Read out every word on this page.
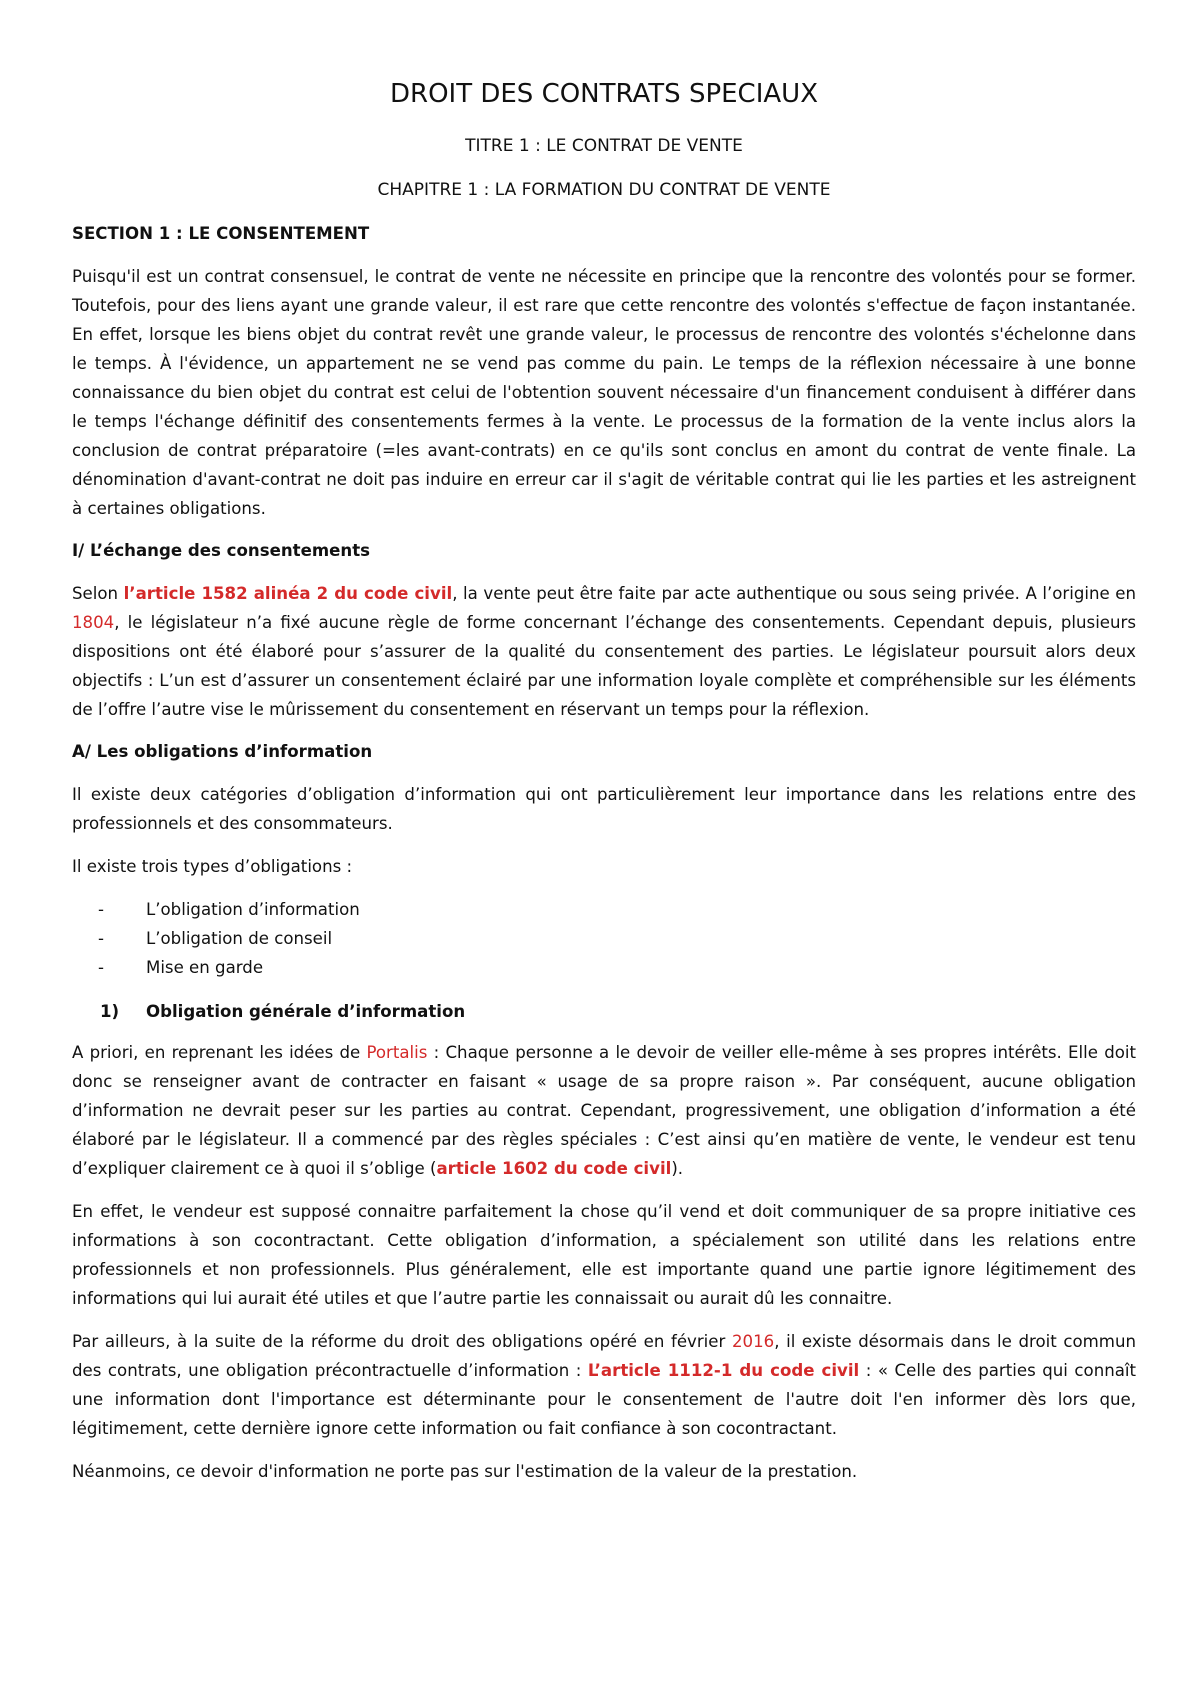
DROIT DES CONTRATS SPECIAUX
TITRE 1 : LE CONTRAT DE VENTE
CHAPITRE 1 : LA FORMATION DU CONTRAT DE VENTE
SECTION 1 : LE CONSENTEMENT

Puisqu'il est un contrat consensuel, le contrat de vente ne nécessite en principe que la rencontre des volontés pour se former. Toutefois, pour des liens ayant une grande valeur, il est rare que cette rencontre des volontés s'effectue de façon instantanée. En effet, lorsque les biens objet du contrat revêt une grande valeur, le processus de rencontre des volontés s'échelonne dans le temps. À l'évidence, un appartement ne se vend pas comme du pain. Le temps de la réflexion nécessaire à une bonne connaissance du bien objet du contrat est celui de l'obtention souvent nécessaire d'un financement conduisent à différer dans le temps l'échange définitif des consentements fermes à la vente. Le processus de la formation de la vente inclus alors la conclusion de contrat préparatoire (=les avant-contrats) en ce qu'ils sont conclus en amont du contrat de vente finale. La dénomination d'avant-contrat ne doit pas induire en erreur car il s'agit de véritable contrat qui lie les parties et les astreignent à certaines obligations.

I/ L’échange des consentements

Selon l’article 1582 alinéa 2 du code civil, la vente peut être faite par acte authentique ou sous seing privée. A l’origine en 1804, le législateur n’a fixé aucune règle de forme concernant l’échange des consentements. Cependant depuis, plusieurs dispositions ont été élaboré pour s’assurer de la qualité du consentement des parties. Le législateur poursuit alors deux objectifs : L’un est d’assurer un consentement éclairé par une information loyale complète et compréhensible sur les éléments de l’offre l’autre vise le mûrissement du consentement en réservant un temps pour la réflexion.

A/ Les obligations d’information

Il existe deux catégories d’obligation d’information qui ont particulièrement leur importance dans les relations entre des professionnels et des consommateurs.

Il existe trois types d’obligations :

-	L’obligation d’information
-	L’obligation de conseil
-	Mise en garde
1) Obligation générale d’information

A priori, en reprenant les idées de Portalis : Chaque personne a le devoir de veiller elle-même à ses propres intérêts. Elle doit donc se renseigner avant de contracter en faisant « usage de sa propre raison ». Par conséquent, aucune obligation d’information ne devrait peser sur les parties au contrat. Cependant, progressivement, une obligation d’information a été élaboré par le législateur. Il a commencé par des règles spéciales : C’est ainsi qu’en matière de vente, le vendeur est tenu d’expliquer clairement ce à quoi il s’oblige (article 1602 du code civil).

En effet, le vendeur est supposé connaitre parfaitement la chose qu’il vend et doit communiquer de sa propre initiative ces informations à son cocontractant. Cette obligation d’information, a spécialement son utilité dans les relations entre professionnels et non professionnels. Plus généralement, elle est importante quand une partie ignore légitimement des informations qui lui aurait été utiles et que l’autre partie les connaissait ou aurait dû les connaitre.

Par ailleurs, à la suite de la réforme du droit des obligations opéré en février 2016, il existe désormais dans le droit commun des contrats, une obligation précontractuelle d’information : L’article 1112-1 du code civil : « Celle des parties qui connaît une information dont l'importance est déterminante pour le consentement de l'autre doit l'en informer dès lors que, légitimement, cette dernière ignore cette information ou fait confiance à son cocontractant.

Néanmoins, ce devoir d'information ne porte pas sur l'estimation de la valeur de la prestation.
